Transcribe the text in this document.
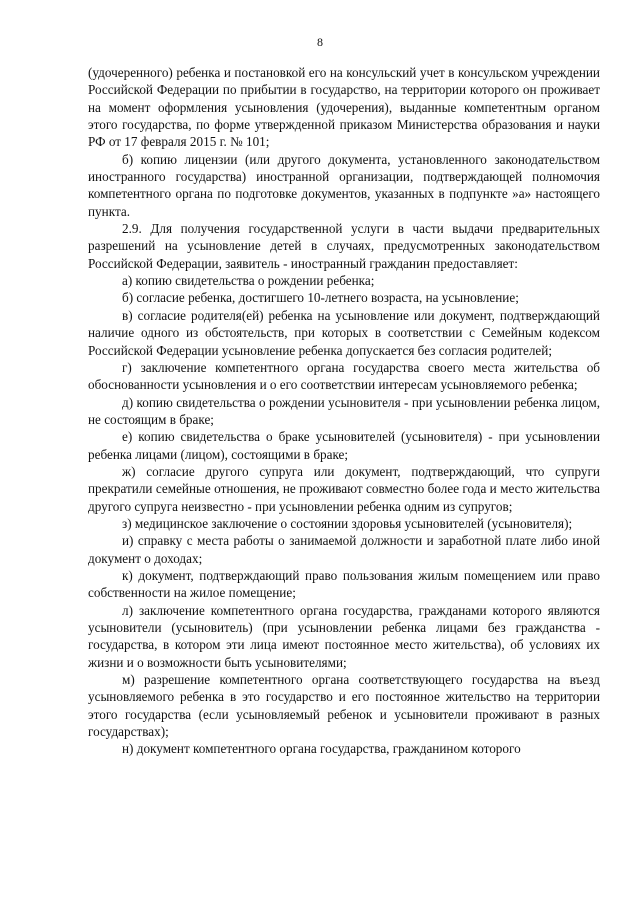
8

(удочеренного) ребенка и постановкой его на консульский учет в консульском учреждении Российской Федерации по прибытии в государство, на территории которого он проживает на момент оформления усыновления (удочерения), выданные компетентным органом этого государства, по форме утвержденной приказом Министерства образования и науки РФ от 17 февраля 2015 г. № 101;

б) копию лицензии (или другого документа, установленного законодательством иностранного государства) иностранной организации, подтверждающей полномочия компетентного органа по подготовке документов, указанных в подпункте »а» настоящего пункта.

2.9. Для получения государственной услуги в части выдачи предварительных разрешений на усыновление детей в случаях, предусмотренных законодательством Российской Федерации, заявитель - иностранный гражданин предоставляет:

а) копию свидетельства о рождении ребенка;

б) согласие ребенка, достигшего 10-летнего возраста, на усыновление;

в) согласие родителя(ей) ребенка на усыновление или документ, подтверждающий наличие одного из обстоятельств, при которых в соответствии с Семейным кодексом Российской Федерации усыновление ребенка допускается без согласия родителей;

г) заключение компетентного органа государства своего места жительства об обоснованности усыновления и о его соответствии интересам усыновляемого ребенка;

д) копию свидетельства о рождении усыновителя - при усыновлении ребенка лицом, не состоящим в браке;

е) копию свидетельства о браке усыновителей (усыновителя) - при усыновлении ребенка лицами (лицом), состоящими в браке;

ж) согласие другого супруга или документ, подтверждающий, что супруги прекратили семейные отношения, не проживают совместно более года и место жительства другого супруга неизвестно - при усыновлении ребенка одним из супругов;

з) медицинское заключение о состоянии здоровья усыновителей (усыновителя);

и) справку с места работы о занимаемой должности и заработной плате либо иной документ о доходах;

к) документ, подтверждающий право пользования жилым помещением или право собственности на жилое помещение;

л) заключение компетентного органа государства, гражданами которого являются усыновители (усыновитель) (при усыновлении ребенка лицами без гражданства - государства, в котором эти лица имеют постоянное место жительства), об условиях их жизни и о возможности быть усыновителями;

м) разрешение компетентного органа соответствующего государства на въезд усыновляемого ребенка в это государство и его постоянное жительство на территории этого государства (если усыновляемый ребенок и усыновители проживают в разных государствах);

н) документ компетентного органа государства, гражданином которого
